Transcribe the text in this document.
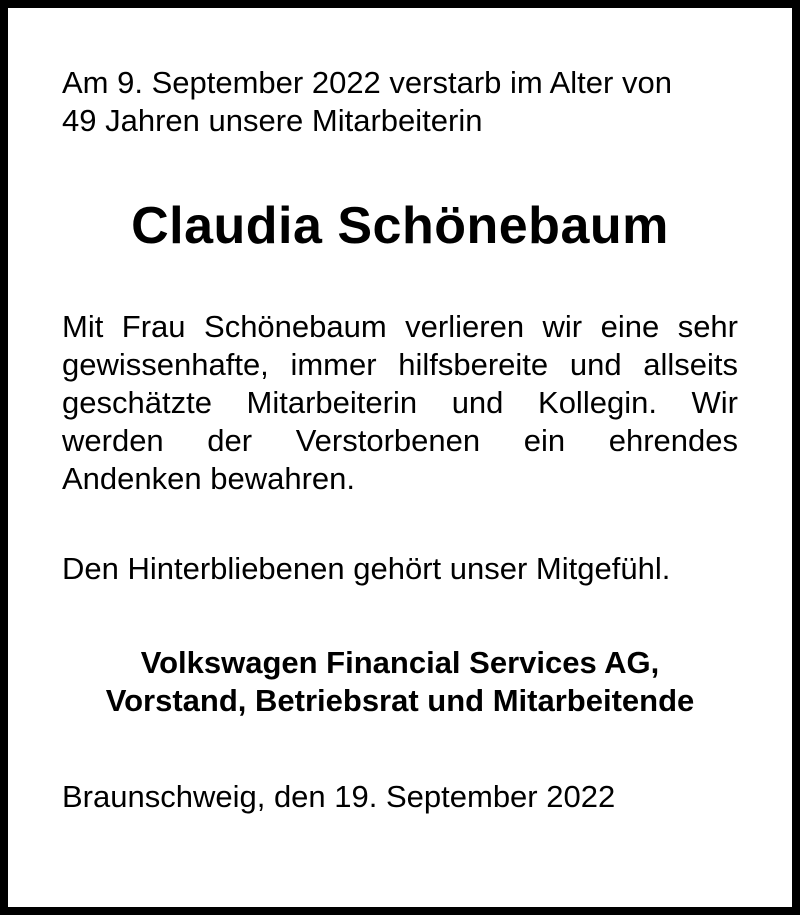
Am 9. September 2022 verstarb im Alter von
49 Jahren unsere Mitarbeiterin

Claudia Schönebaum

Mit Frau Schönebaum verlieren wir eine sehr gewissenhafte, immer hilfsbereite und allseits geschätzte Mitarbeiterin und Kollegin. Wir werden der Verstorbenen ein ehrendes Andenken bewahren.

Den Hinterbliebenen gehört unser Mitgefühl.

Volkswagen Financial Services AG,
Vorstand, Betriebsrat und Mitarbeitende

Braunschweig, den 19. September 2022
